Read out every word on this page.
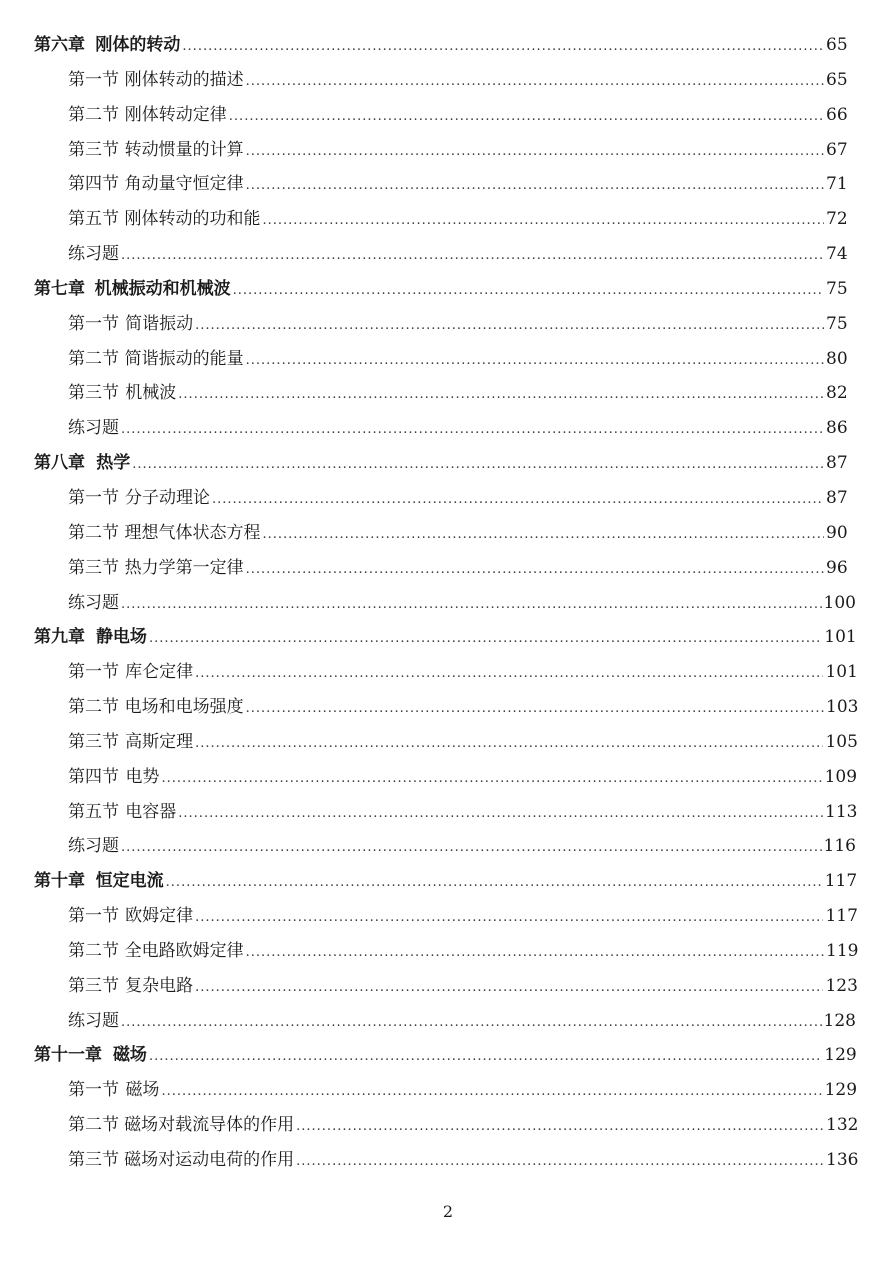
第六章 刚体的转动 .....	65
第一节 刚体转动的描述 .....	65
第二节 刚体转动定律 .....	66
第三节 转动惯量的计算 .....	67
第四节 角动量守恒定律 .....	71
第五节 刚体转动的功和能 .....	72
练习题 .....	74
第七章 机械振动和机械波 .....	75
第一节 简谐振动 .....	75
第二节 简谐振动的能量 .....	80
第三节 机械波 .....	82
练习题 .....	86
第八章 热学 .....	87
第一节 分子动理论 .....	87
第二节 理想气体状态方程 .....	90
第三节 热力学第一定律 .....	96
练习题 .....	100
第九章 静电场 .....	101
第一节 库仑定律 .....	101
第二节 电场和电场强度 .....	103
第三节 高斯定理 .....	105
第四节 电势 .....	109
第五节 电容器 .....	113
练习题 .....	116
第十章 恒定电流 .....	117
第一节 欧姆定律 .....	117
第二节 全电路欧姆定律 .....	119
第三节 复杂电路 .....	123
练习题 .....	128
第十一章 磁场 .....	129
第一节 磁场 .....	129
第二节 磁场对载流导体的作用 .....	132
第三节 磁场对运动电荷的作用 .....	136
2
